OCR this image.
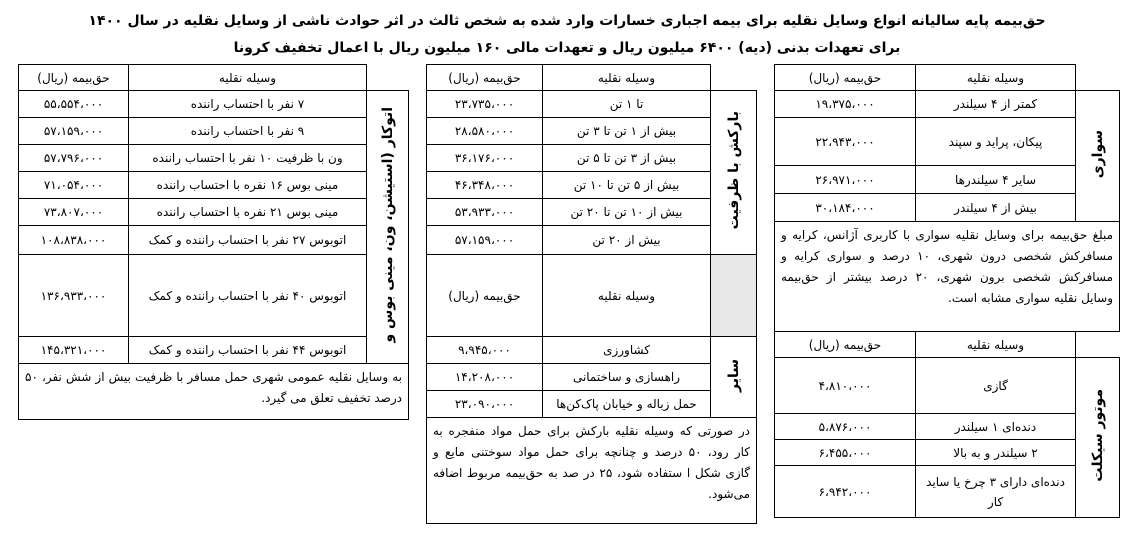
حق‌بیمه پایه سالیانه انواع وسایل نقلیه برای بیمه اجباری خسارات وارد شده به شخص ثالث در اثر حوادث ناشی از وسایل نقلیه در سال ۱۴۰۰
برای تعهدات بدنی (دیه) ۶۴۰۰ میلیون ریال و تعهدات مالی ۱۶۰ میلیون ریال با اعمال تخفیف کرونا
	وسیله نقلیه	حق‌بیمه (ریال)
سواری	کمتر از ۴ سیلندر	۱۹،۳۷۵،۰۰۰
	پیکان، پراید و سپند	۲۲،۹۴۳،۰۰۰
	سایر ۴ سیلندرها	۲۶،۹۷۱،۰۰۰
	بیش از ۴ سیلندر	۳۰،۱۸۴،۰۰۰
مبلغ حق‌بیمه برای وسایل نقلیه سواری با کاربری آژانس، کرایه و مسافرکش شخصی درون شهری، ۱۰ درصد و سواری کرایه و مسافرکش شخصی برون شهری، ۲۰ درصد بیشتر از حق‌بیمه وسایل نقلیه سواری مشابه است.		
	وسیله نقلیه	حق‌بیمه (ریال)
موتور سیکلت	گازی	۴،۸۱۰،۰۰۰
	دنده‌ای ۱ سیلندر	۵،۸۷۶،۰۰۰
	۲ سیلندر و به بالا	۶،۴۵۵،۰۰۰
	دنده‌ای دارای ۳ چرخ یا ساید کار	۶،۹۴۲،۰۰۰
	وسیله نقلیه	حق‌بیمه (ریال)
بارکش با ظرفیت	تا ۱ تن	۲۳،۷۳۵،۰۰۰
	بیش از ۱ تن تا ۳ تن	۲۸،۵۸۰،۰۰۰
	بیش از ۳ تن تا ۵ تن	۳۶،۱۷۶،۰۰۰
	بیش از ۵ تن تا ۱۰ تن	۴۶،۳۴۸،۰۰۰
	بیش از ۱۰ تن تا ۲۰ تن	۵۳،۹۳۳،۰۰۰
	بیش از ۲۰ تن	۵۷،۱۵۹،۰۰۰
	وسیله نقلیه	حق‌بیمه (ریال)
سایر	کشاورزی	۹،۹۴۵،۰۰۰
	راهسازی و ساختمانی	۱۴،۲۰۸،۰۰۰
	حمل زباله و خیابان پاک‌کن‌ها	۲۳،۰۹۰،۰۰۰
در صورتی که وسیله نقلیه بارکش برای حمل مواد منفجره به کار رود، ۵۰ درصد و چنانچه برای حمل مواد سوختنی مایع و گازی شکل ا ستفاده شود، ۲۵ در صد به حق‌بیمه مربوط اضافه می‌شود.		
	وسیله نقلیه	حق‌بیمه (ریال)
اتوکار (استیشن، ون، مینی بوس و	۷ نفر با احتساب راننده	۵۵،۵۵۴،۰۰۰
	۹ نفر با احتساب راننده	۵۷،۱۵۹،۰۰۰
	ون با ظرفیت ۱۰ نفر با احتساب راننده	۵۷،۷۹۶،۰۰۰
	مینی بوس ۱۶ نفره با احتساب راننده	۷۱،۰۵۴،۰۰۰
	مینی بوس ۲۱ نفره با احتساب راننده	۷۳،۸۰۷،۰۰۰
	اتوبوس ۲۷ نفر با احتساب راننده و کمک	۱۰۸،۸۳۸،۰۰۰
	اتوبوس ۴۰ نفر با احتساب راننده و کمک	۱۳۶،۹۳۳،۰۰۰
	اتوبوس ۴۴ نفر با احتساب راننده و کمک	۱۴۵،۳۲۱،۰۰۰
به وسایل نقلیه عمومی شهری حمل مسافر با ظرفیت بیش از شش نفر، ۵۰ درصد تخفیف تعلق می گیرد.		
